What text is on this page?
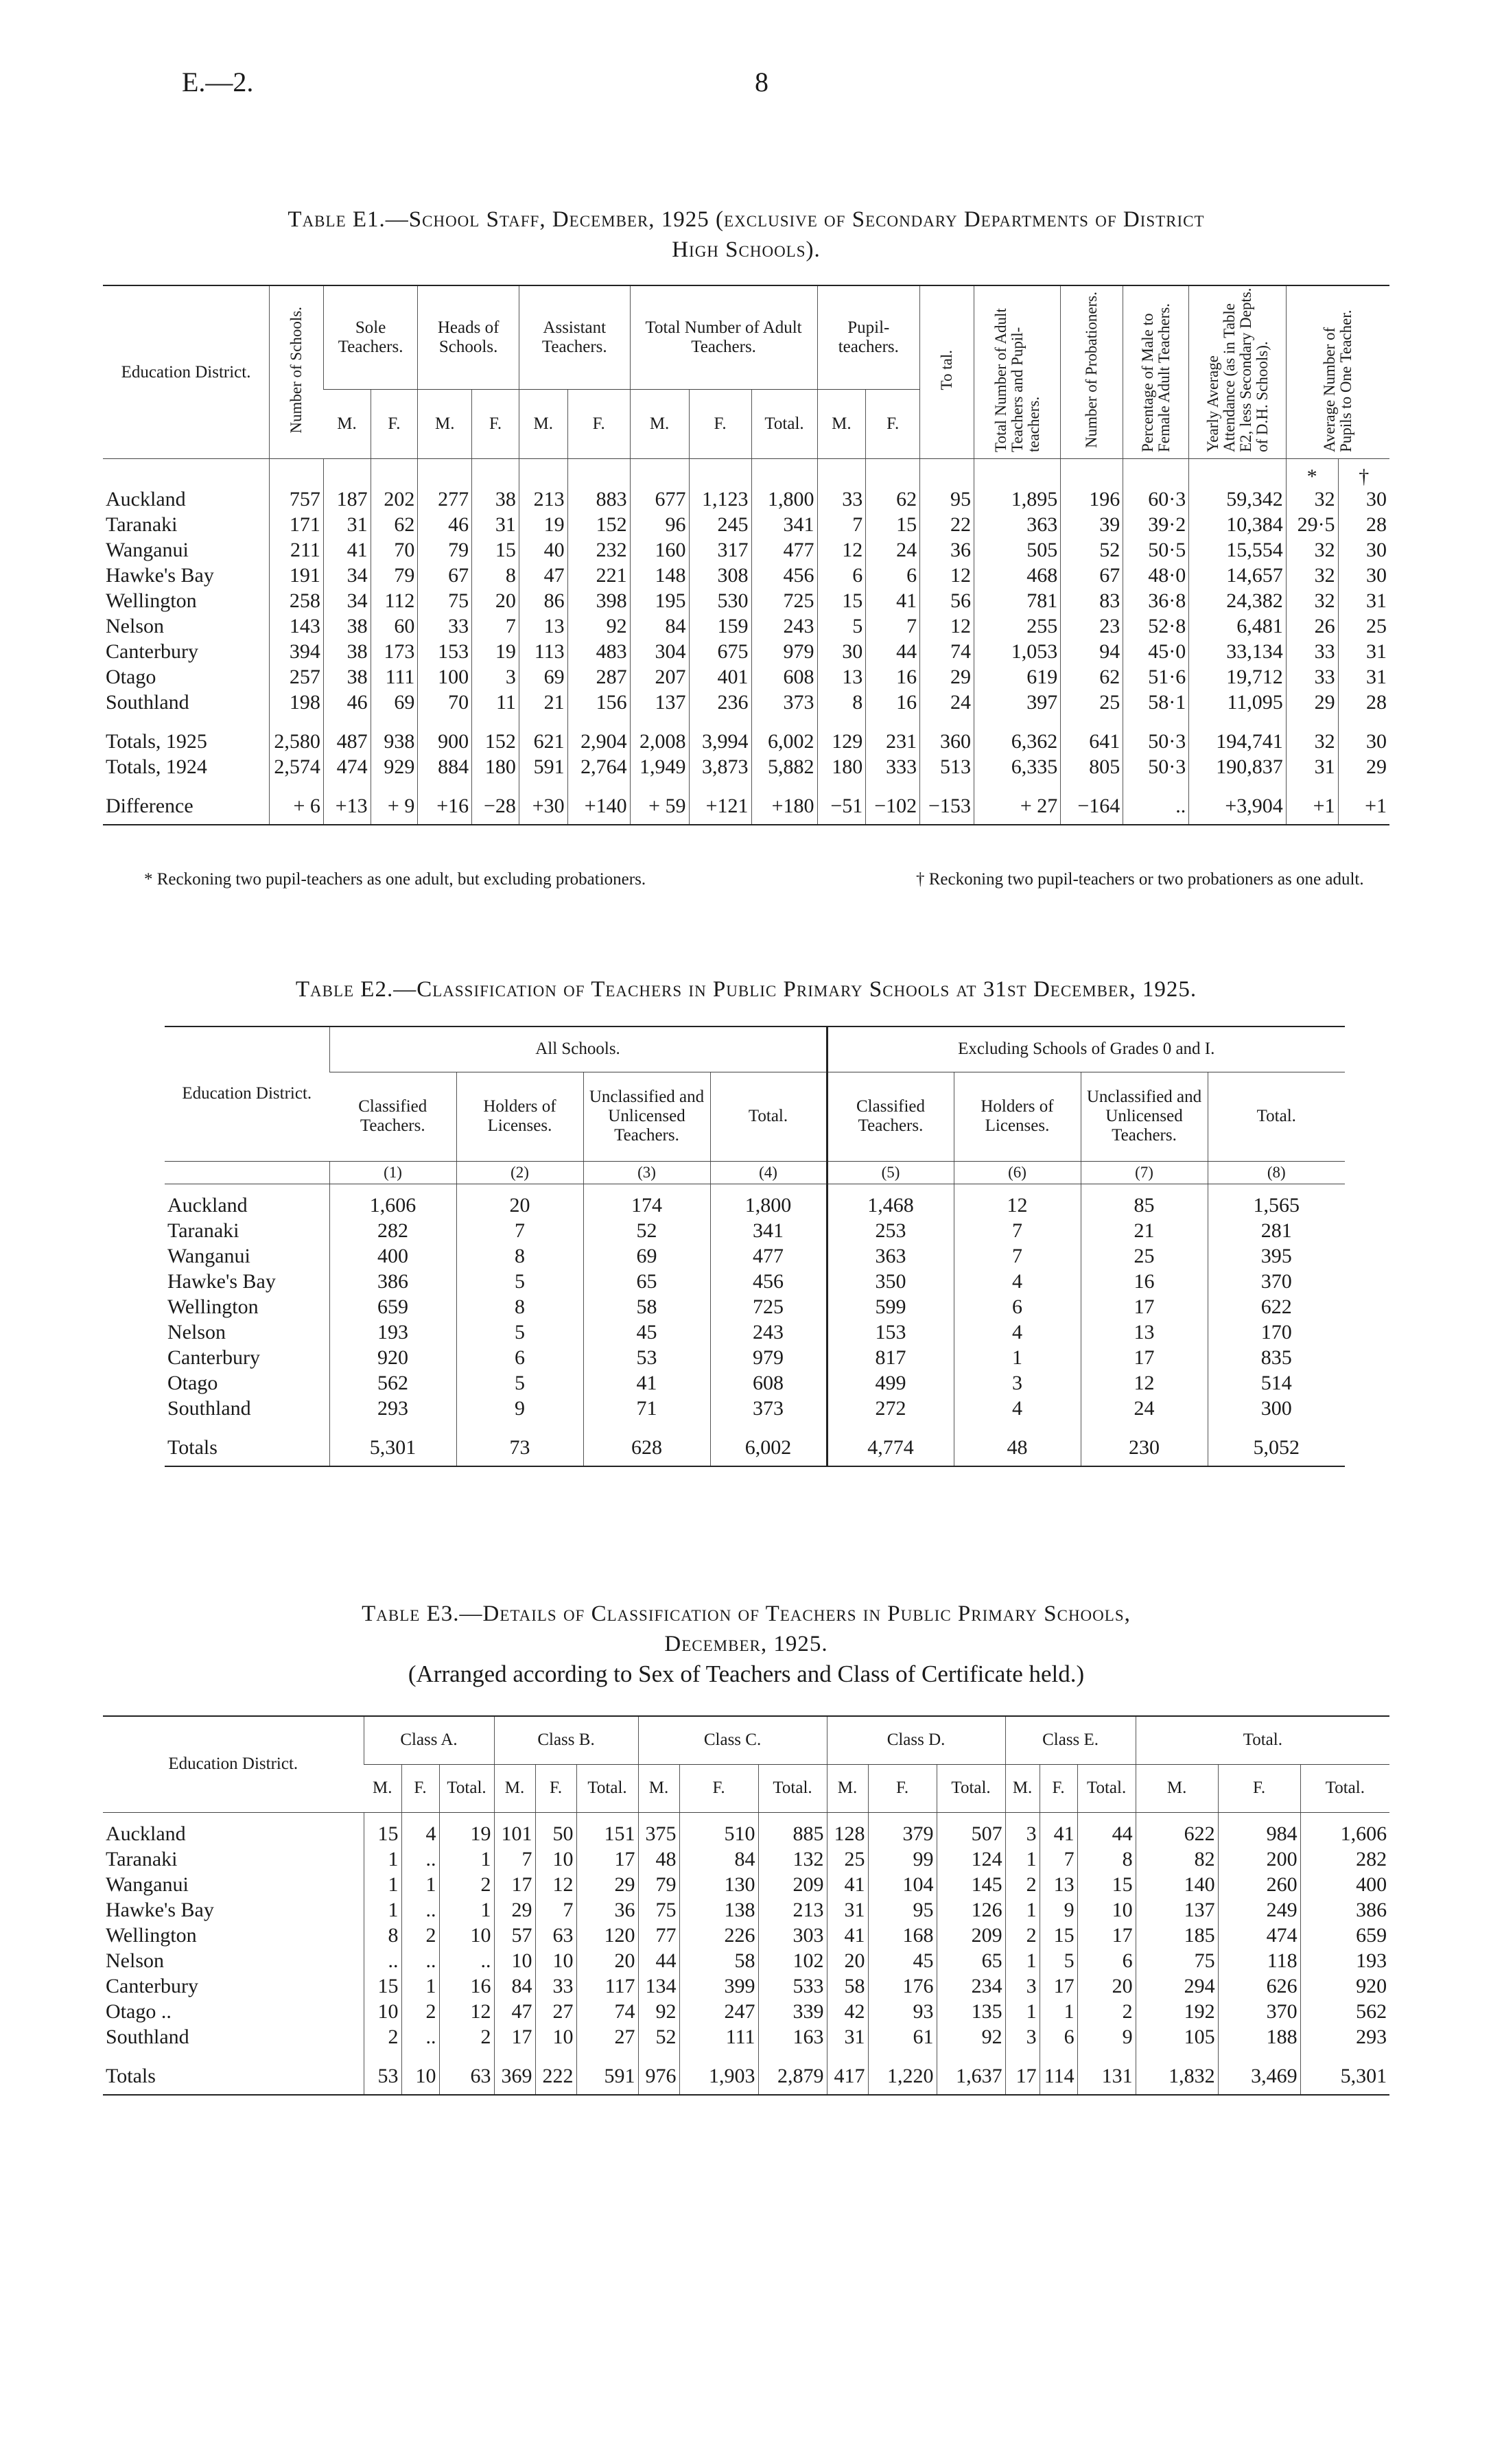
E.—2.	8
Table E1.—School Staff, December, 1925 (exclusive of Secondary Departments of District
High Schools).
Education District.	Number of Schools.	Sole Teachers.		Heads of Schools.		Assistant Teachers.		Total Number of Adult Teachers.			Pupil-teachers.		To tal.	Total Number of Adult Teachers and Pupil-teachers.	Number of Probationers.	Percentage of Male to Female Adult Teachers.	Yearly Average Attendance (as in Table E2, less Secondary Depts. of D.H. Schools).	Average Number of Pupils to One Teacher.	
		M.	F.	M.	F.	M.	F.	M.	F.	Total.	M.	F.							
																		*	†
Auckland	757	187	202	277	38	213	883	677	1,123	1,800	33	62	95	1,895	196	60·3	59,342	32	30
Taranaki	171	31	62	46	31	19	152	96	245	341	7	15	22	363	39	39·2	10,384	29·5	28
Wanganui	211	41	70	79	15	40	232	160	317	477	12	24	36	505	52	50·5	15,554	32	30
Hawke's Bay	191	34	79	67	8	47	221	148	308	456	6	6	12	468	67	48·0	14,657	32	30
Wellington	258	34	112	75	20	86	398	195	530	725	15	41	56	781	83	36·8	24,382	32	31
Nelson	143	38	60	33	7	13	92	84	159	243	5	7	12	255	23	52·8	6,481	26	25
Canterbury	394	38	173	153	19	113	483	304	675	979	30	44	74	1,053	94	45·0	33,134	33	31
Otago	257	38	111	100	3	69	287	207	401	608	13	16	29	619	62	51·6	19,712	33	31
Southland	198	46	69	70	11	21	156	137	236	373	8	16	24	397	25	58·1	11,095	29	28
Totals, 1925	2,580	487	938	900	152	621	2,904	2,008	3,994	6,002	129	231	360	6,362	641	50·3	194,741	32	30
Totals, 1924	2,574	474	929	884	180	591	2,764	1,949	3,873	5,882	180	333	513	6,335	805	50·3	190,837	31	29
Difference	+ 6	+13	+ 9	+16	−28	+30	+140	+ 59	+121	+180	−51	−102	−153	+ 27	−164	..	+3,904	+1	+1
* Reckoning two pupil-teachers as one adult, but excluding probationers.	† Reckoning two pupil-teachers or two probationers as one adult.
Table E2.—Classification of Teachers in Public Primary Schools at 31st December, 1925.
Education District.	All Schools.				Excluding Schools of Grades 0 and I.			
	Classified Teachers.	Holders of Licenses.	Unclassified and Unlicensed Teachers.	Total.	Classified Teachers.	Holders of Licenses.	Unclassified and Unlicensed Teachers.	Total.
	(1)	(2)	(3)	(4)	(5)	(6)	(7)	(8)
Auckland	1,606	20	174	1,800	1,468	12	85	1,565
Taranaki	282	7	52	341	253	7	21	281
Wanganui	400	8	69	477	363	7	25	395
Hawke's Bay	386	5	65	456	350	4	16	370
Wellington	659	8	58	725	599	6	17	622
Nelson	193	5	45	243	153	4	13	170
Canterbury	920	6	53	979	817	1	17	835
Otago	562	5	41	608	499	3	12	514
Southland	293	9	71	373	272	4	24	300
Totals	5,301	73	628	6,002	4,774	48	230	5,052
Table E3.—Details of Classification of Teachers in Public Primary Schools,
December, 1925.
(Arranged according to Sex of Teachers and Class of Certificate held.)
Education District.	Class A.			Class B.			Class C.			Class D.			Class E.			Total.		
	M.	F.	Total.	M.	F.	Total.	M.	F.	Total.	M.	F.	Total.	M.	F.	Total.	M.	F.	Total.
Auckland	15	4	19	101	50	151	375	510	885	128	379	507	3	41	44	622	984	1,606
Taranaki	1	..	1	7	10	17	48	84	132	25	99	124	1	7	8	82	200	282
Wanganui	1	1	2	17	12	29	79	130	209	41	104	145	2	13	15	140	260	400
Hawke's Bay	1	..	1	29	7	36	75	138	213	31	95	126	1	9	10	137	249	386
Wellington	8	2	10	57	63	120	77	226	303	41	168	209	2	15	17	185	474	659
Nelson	..	..	..	10	10	20	44	58	102	20	45	65	1	5	6	75	118	193
Canterbury	15	1	16	84	33	117	134	399	533	58	176	234	3	17	20	294	626	920
Otago ..	10	2	12	47	27	74	92	247	339	42	93	135	1	1	2	192	370	562
Southland	2	..	2	17	10	27	52	111	163	31	61	92	3	6	9	105	188	293
Totals	53	10	63	369	222	591	976	1,903	2,879	417	1,220	1,637	17	114	131	1,832	3,469	5,301
